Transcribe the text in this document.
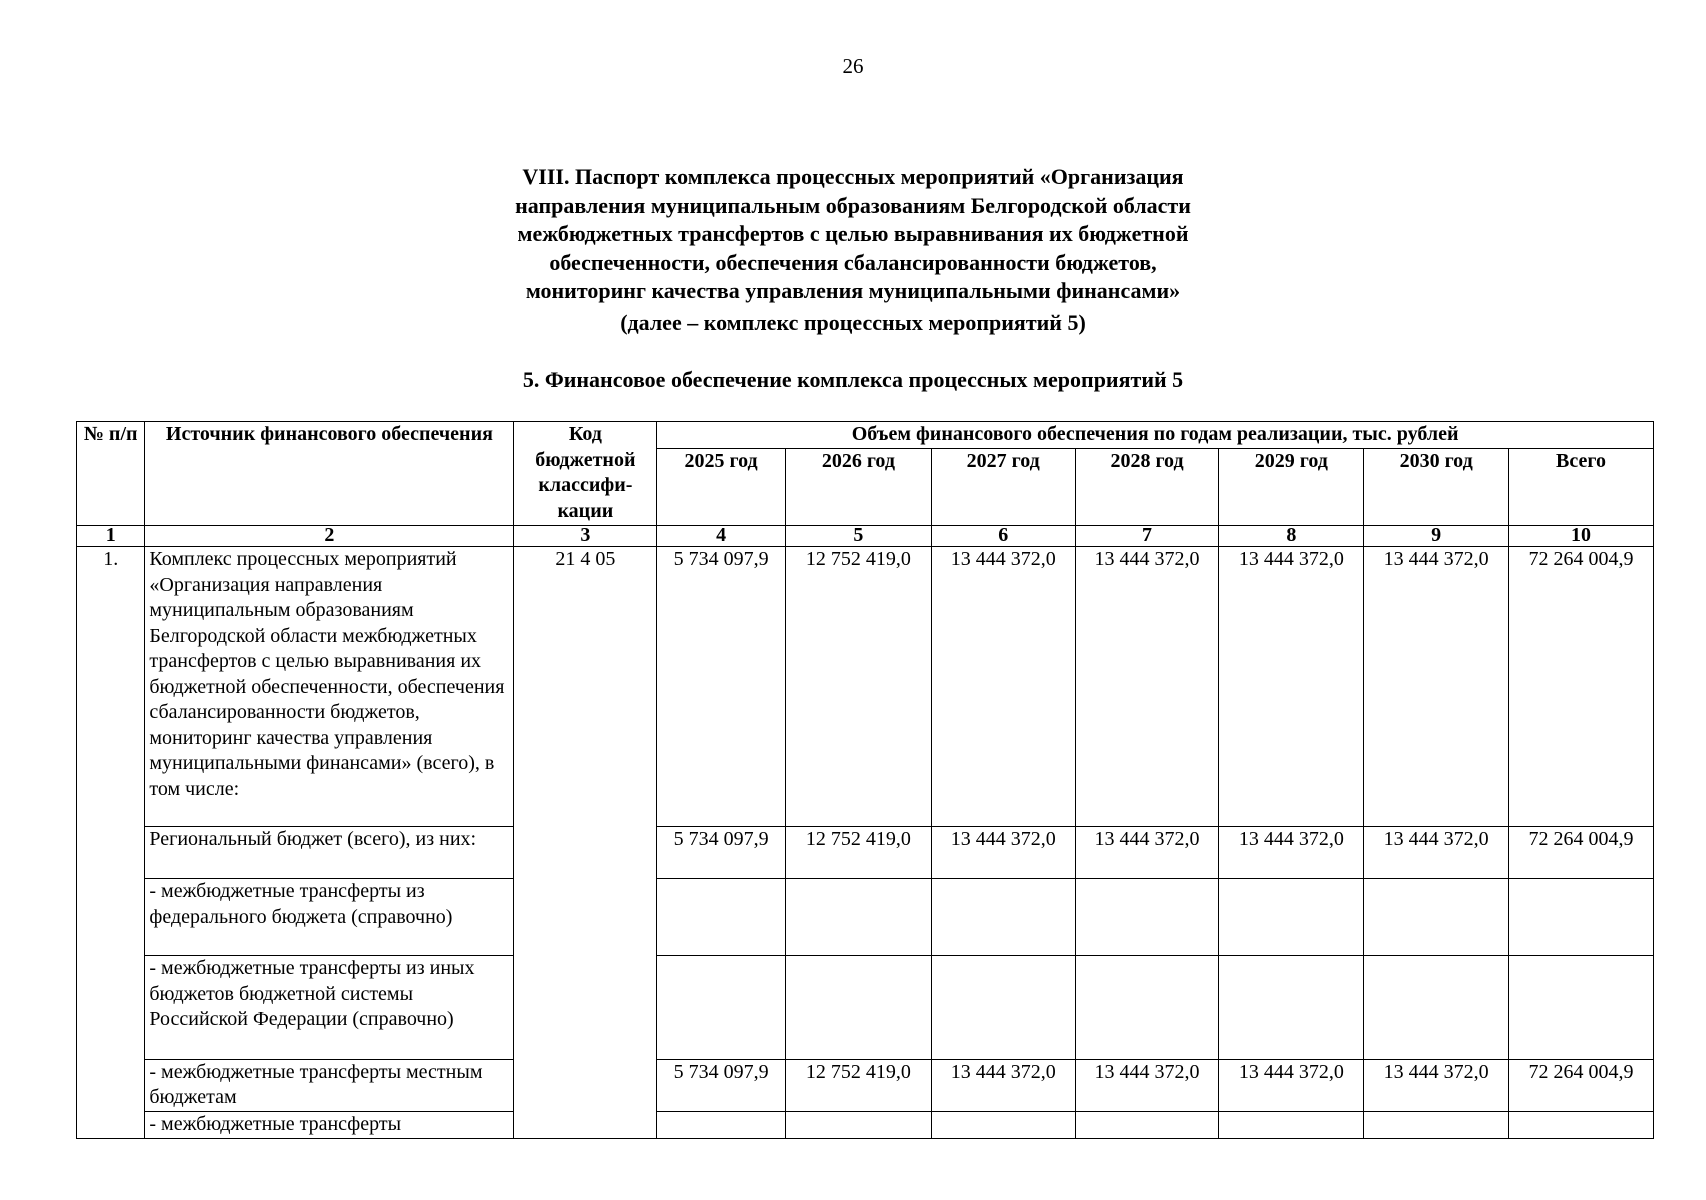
26
VIII. Паспорт комплекса процессных мероприятий «Организация
направления муниципальным образованиям Белгородской области
межбюджетных трансфертов с целью выравнивания их бюджетной
обеспеченности, обеспечения сбалансированности бюджетов,
мониторинг качества управления муниципальными финансами»
(далее – комплекс процессных мероприятий 5)
5. Финансовое обеспечение комплекса процессных мероприятий 5
№ п/п	Источник финансового обеспечения	Код бюджетной классифи- кации	Объем финансового обеспечения по годам реализации, тыс. рублей						
			2025 год	2026 год	2027 год	2028 год	2029 год	2030 год	Всего
1	2	3	4	5	6	7	8	9	10
1.	Комплекс процессных мероприятий «Организация направления муниципальным образованиям Белгородской области межбюджетных трансфертов с целью выравнивания их бюджетной обеспеченности, обеспечения сбалансированности бюджетов, мониторинг качества управления муниципальными финансами» (всего), в том числе:	21 4 05	5 734 097,9	12 752 419,0	13 444 372,0	13 444 372,0	13 444 372,0	13 444 372,0	72 264 004,9
	Региональный бюджет (всего), из них:		5 734 097,9	12 752 419,0	13 444 372,0	13 444 372,0	13 444 372,0	13 444 372,0	72 264 004,9
	- межбюджетные трансферты из федерального бюджета (справочно)								
	- межбюджетные трансферты из иных бюджетов бюджетной системы Российской Федерации (справочно)								
	- межбюджетные трансферты местным бюджетам		5 734 097,9	12 752 419,0	13 444 372,0	13 444 372,0	13 444 372,0	13 444 372,0	72 264 004,9
	- межбюджетные трансферты								
